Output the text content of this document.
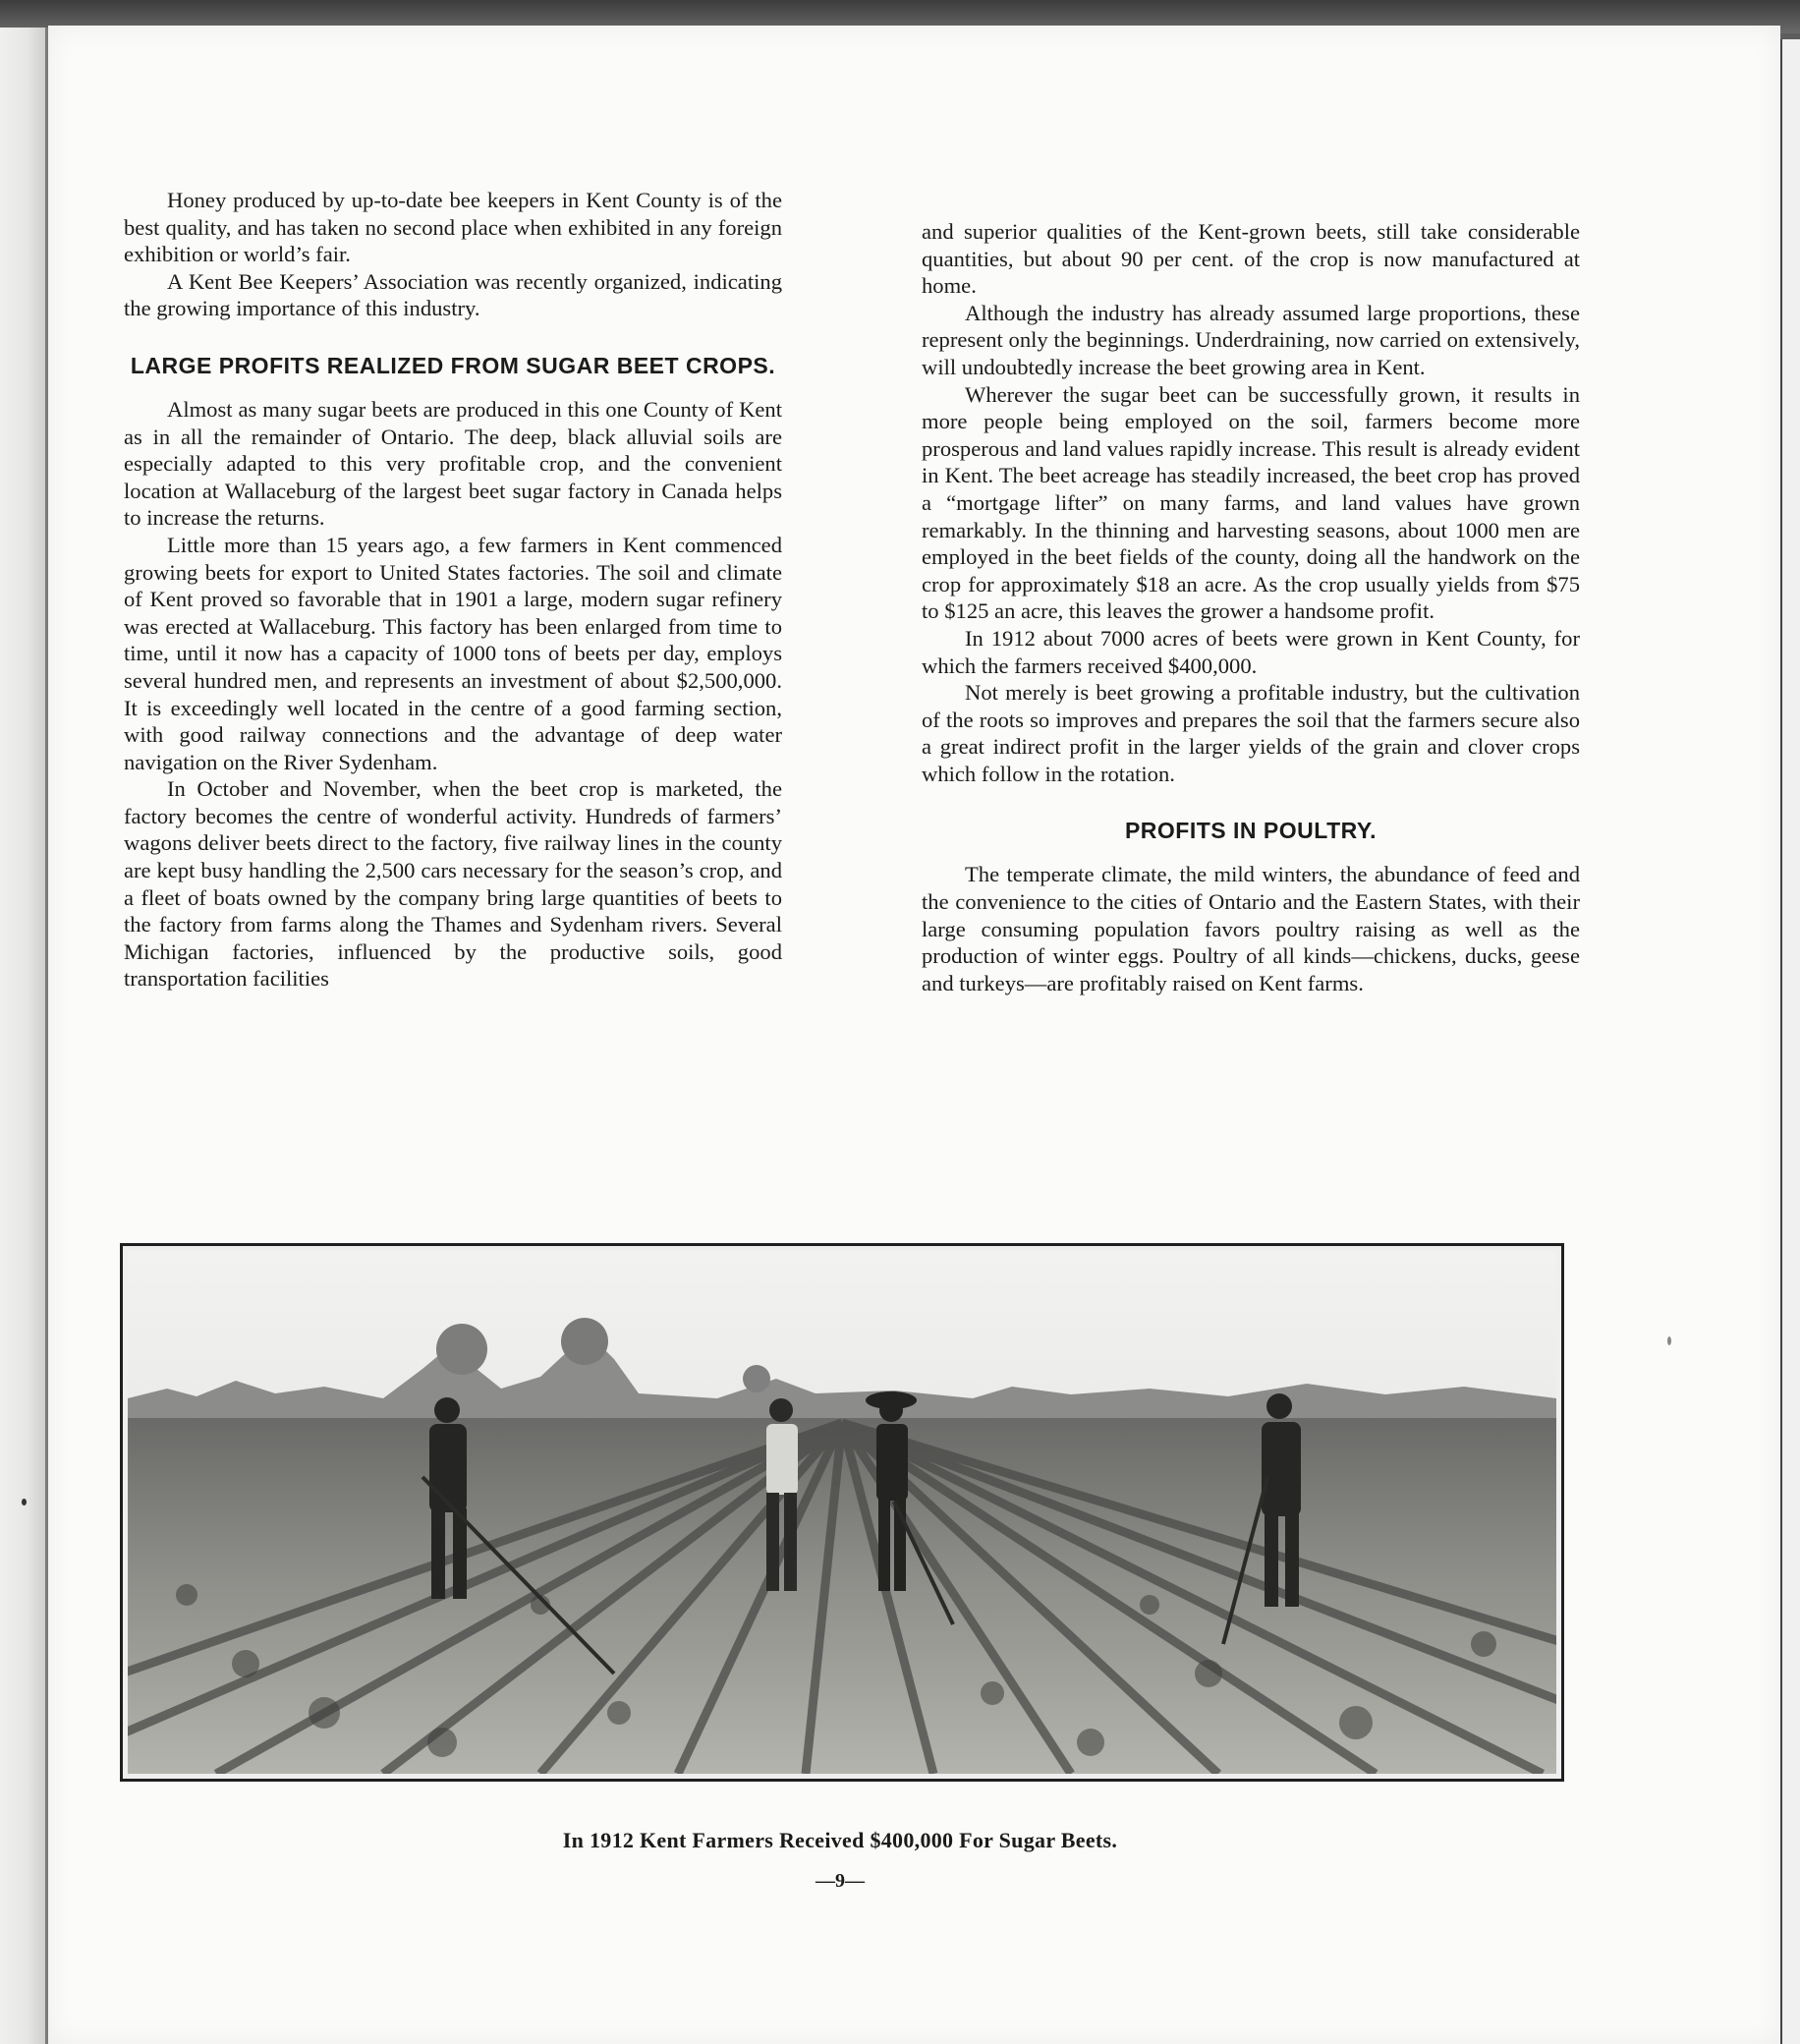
Honey produced by up-to-date bee keepers in Kent County is of the best quality, and has taken no second place when exhibited in any foreign exhibition or world’s fair.

A Kent Bee Keepers’ Association was recently organized, indicating the growing importance of this industry.

LARGE PROFITS REALIZED FROM SUGAR BEET CROPS.

Almost as many sugar beets are produced in this one County of Kent as in all the remainder of Ontario. The deep, black alluvial soils are especially adapted to this very profitable crop, and the convenient location at Wallaceburg of the largest beet sugar factory in Canada helps to increase the returns.

Little more than 15 years ago, a few farmers in Kent commenced growing beets for export to United States factories. The soil and climate of Kent proved so favorable that in 1901 a large, modern sugar refinery was erected at Wallaceburg. This factory has been enlarged from time to time, until it now has a capacity of 1000 tons of beets per day, employs several hundred men, and represents an investment of about $2,500,000. It is exceedingly well located in the centre of a good farming section, with good railway connections and the advantage of deep water navigation on the River Sydenham.

In October and November, when the beet crop is marketed, the factory becomes the centre of wonderful activity. Hundreds of farmers’ wagons deliver beets direct to the factory, five railway lines in the county are kept busy handling the 2,500 cars necessary for the season’s crop, and a fleet of boats owned by the company bring large quantities of beets to the factory from farms along the Thames and Sydenham rivers. Several Michigan factories, influenced by the productive soils, good transportation facilities

and superior qualities of the Kent-grown beets, still take considerable quantities, but about 90 per cent. of the crop is now manufactured at home.

Although the industry has already assumed large proportions, these represent only the beginnings. Underdraining, now carried on extensively, will undoubtedly increase the beet growing area in Kent.

Wherever the sugar beet can be successfully grown, it results in more people being employed on the soil, farmers become more prosperous and land values rapidly increase. This result is already evident in Kent. The beet acreage has steadily increased, the beet crop has proved a “mortgage lifter” on many farms, and land values have grown remarkably. In the thinning and harvesting seasons, about 1000 men are employed in the beet fields of the county, doing all the handwork on the crop for approximately $18 an acre. As the crop usually yields from $75 to $125 an acre, this leaves the grower a handsome profit.

In 1912 about 7000 acres of beets were grown in Kent County, for which the farmers received $400,000.

Not merely is beet growing a profitable industry, but the cultivation of the roots so improves and prepares the soil that the farmers secure also a great indirect profit in the larger yields of the grain and clover crops which follow in the rotation.

PROFITS IN POULTRY.

The temperate climate, the mild winters, the abundance of feed and the convenience to the cities of Ontario and the Eastern States, with their large consuming population favors poultry raising as well as the production of winter eggs. Poultry of all kinds—chickens, ducks, geese and turkeys—are profitably raised on Kent farms.

In 1912 Kent Farmers Received $400,000 For Sugar Beets.
—9—
